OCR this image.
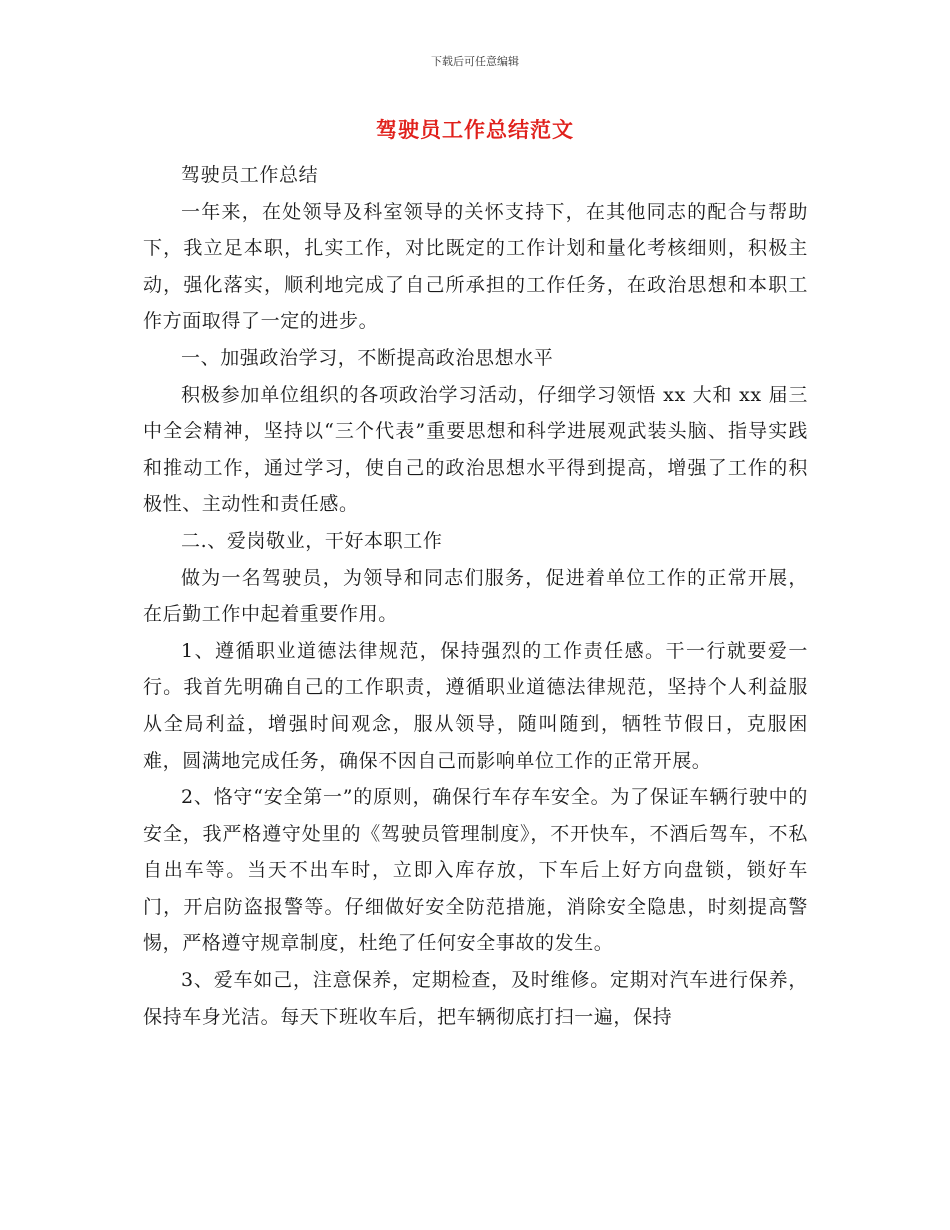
下载后可任意编辑
驾驶员工作总结范文

驾驶员工作总结

一年来，在处领导及科室领导的关怀支持下，在其他同志的配合与帮助下，我立足本职，扎实工作，对比既定的工作计划和量化考核细则，积极主动，强化落实，顺利地完成了自己所承担的工作任务，在政治思想和本职工作方面取得了一定的进步。

一、加强政治学习，不断提高政治思想水平

积极参加单位组织的各项政治学习活动，仔细学习领悟 xx 大和 xx 届三中全会精神，坚持以“三个代表”重要思想和科学进展观武装头脑、指导实践和推动工作，通过学习，使自己的政治思想水平得到提高，增强了工作的积极性、主动性和责任感。

二.、爱岗敬业，干好本职工作

做为一名驾驶员，为领导和同志们服务，促进着单位工作的正常开展，在后勤工作中起着重要作用。

1、遵循职业道德法律规范，保持强烈的工作责任感。干一行就要爱一行。我首先明确自己的工作职责，遵循职业道德法律规范，坚持个人利益服从全局利益，增强时间观念，服从领导，随叫随到，牺牲节假日，克服困难，圆满地完成任务，确保不因自己而影响单位工作的正常开展。

2、恪守“安全第一”的原则，确保行车存车安全。为了保证车辆行驶中的安全，我严格遵守处里的《驾驶员管理制度》，不开快车，不酒后驾车，不私自出车等。当天不出车时，立即入库存放，下车后上好方向盘锁，锁好车门，开启防盗报警等。仔细做好安全防范措施，消除安全隐患，时刻提高警惕，严格遵守规章制度，杜绝了任何安全事故的发生。

3、爱车如己，注意保养，定期检查，及时维修。定期对汽车进行保养，保持车身光洁。每天下班收车后，把车辆彻底打扫一遍，保持
